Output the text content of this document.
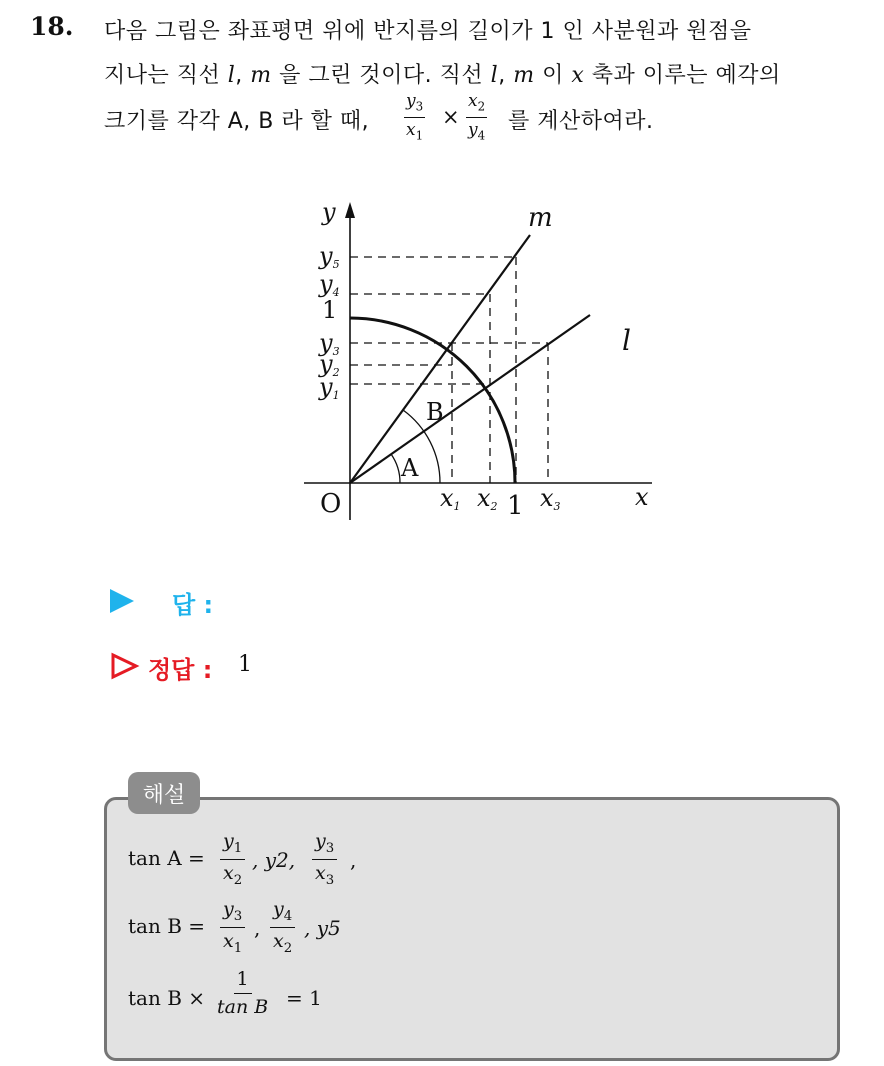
18. 다음 그림은 좌표평면 위에 반지름의 길이가 1 인 사분원과 원점을
지나는 직선 l, m 을 그린 것이다. 직선 l, m 이 x 축과 이루는 예각의
크기를 각각 A, B 라 할 때, $\frac{y_3}{x_1} \times \frac{x_2}{y_4}$ 를 계산하여라.
y
x
O
1
1
m
l
A
B
y5
y4
y3
y2
y1
x1 x2 x3
답 :
정답 : 1
해설
$\tan A = \frac{y_1}{x_2}$ , y2, $\frac{y_3}{x_3}$ ,
$\tan B = \frac{y_3}{x_1}$ , $\frac{y_4}{x_2}$ , y5
$\tan B \times \frac{1}{\text{tan B}} = 1$
